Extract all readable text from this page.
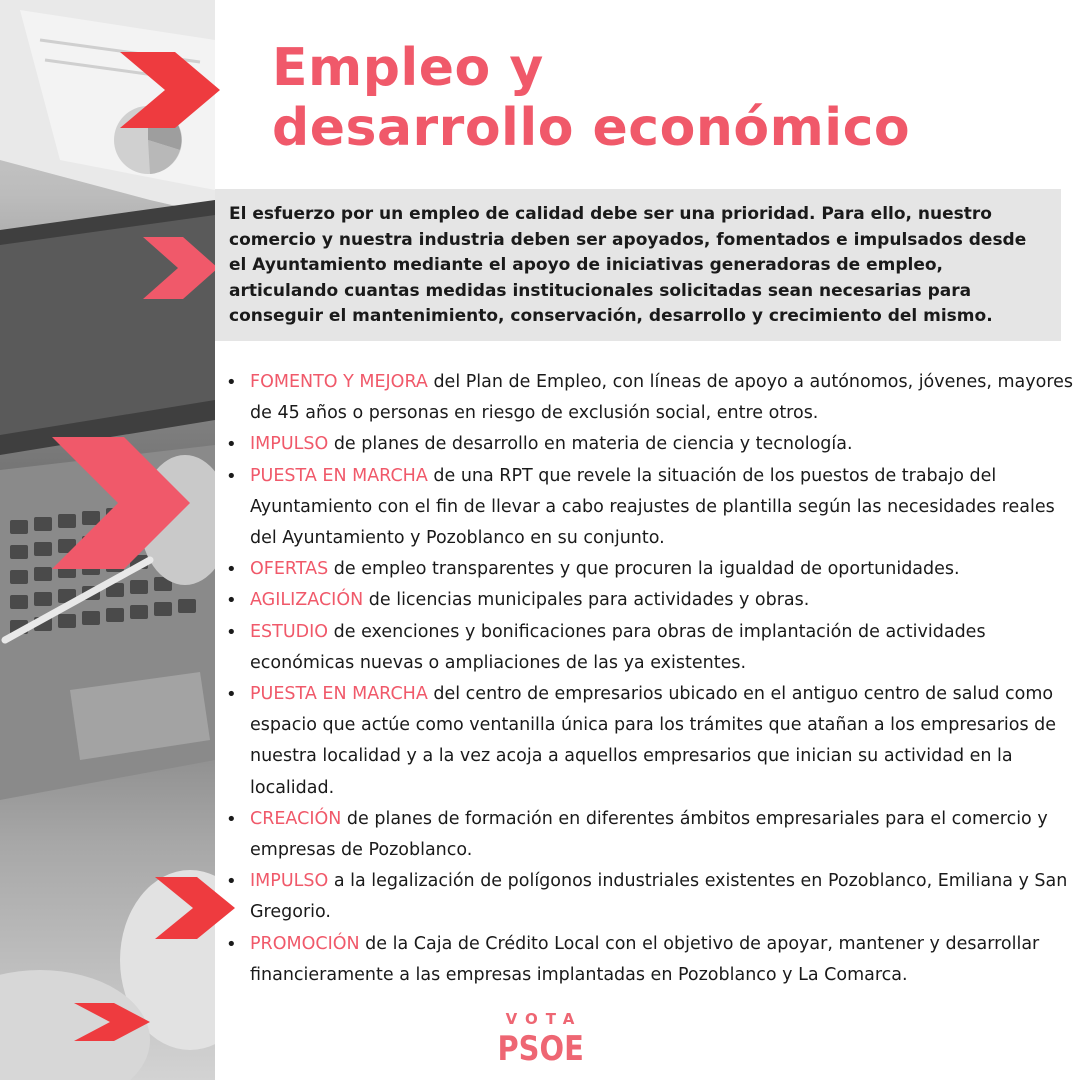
Empleo y
desarrollo económico

El esfuerzo por un empleo de calidad debe ser una prioridad. Para ello, nuestro comercio y nuestra industria deben ser apoyados, fomentados e impulsados desde el Ayuntamiento mediante el apoyo de iniciativas generadoras de empleo, articulando cuantas medidas institucionales solicitadas sean necesarias para conseguir el mantenimiento, conservación, desarrollo y crecimiento del mismo.

• FOMENTO Y MEJORA del Plan de Empleo, con líneas de apoyo a autónomos, jóvenes, mayores de 45 años o personas en riesgo de exclusión social, entre otros.
• IMPULSO de planes de desarrollo en materia de ciencia y tecnología.
• PUESTA EN MARCHA de una RPT que revele la situación de los puestos de trabajo del Ayuntamiento con el fin de llevar a cabo reajustes de plantilla según las necesidades reales del Ayuntamiento y Pozoblanco en su conjunto.
• OFERTAS de empleo transparentes y que procuren la igualdad de oportunidades.
• AGILIZACIÓN de licencias municipales para actividades y obras.
• ESTUDIO de exenciones y bonificaciones para obras de implantación de actividades económicas nuevas o ampliaciones de las ya existentes.
• PUESTA EN MARCHA del centro de empresarios ubicado en el antiguo centro de salud como espacio que actúe como ventanilla única para los trámites que atañan a los empresarios de nuestra localidad y a la vez acoja a aquellos empresarios que inician su actividad en la localidad.
• CREACIÓN de planes de formación en diferentes ámbitos empresariales para el comercio y empresas de Pozoblanco.
• IMPULSO a la legalización de polígonos industriales existentes en Pozoblanco, Emiliana y San Gregorio.
• PROMOCIÓN de la Caja de Crédito Local con el objetivo de apoyar, mantener y desarrollar financieramente a las empresas implantadas en Pozoblanco y La Comarca.
VOTA
PSOE
